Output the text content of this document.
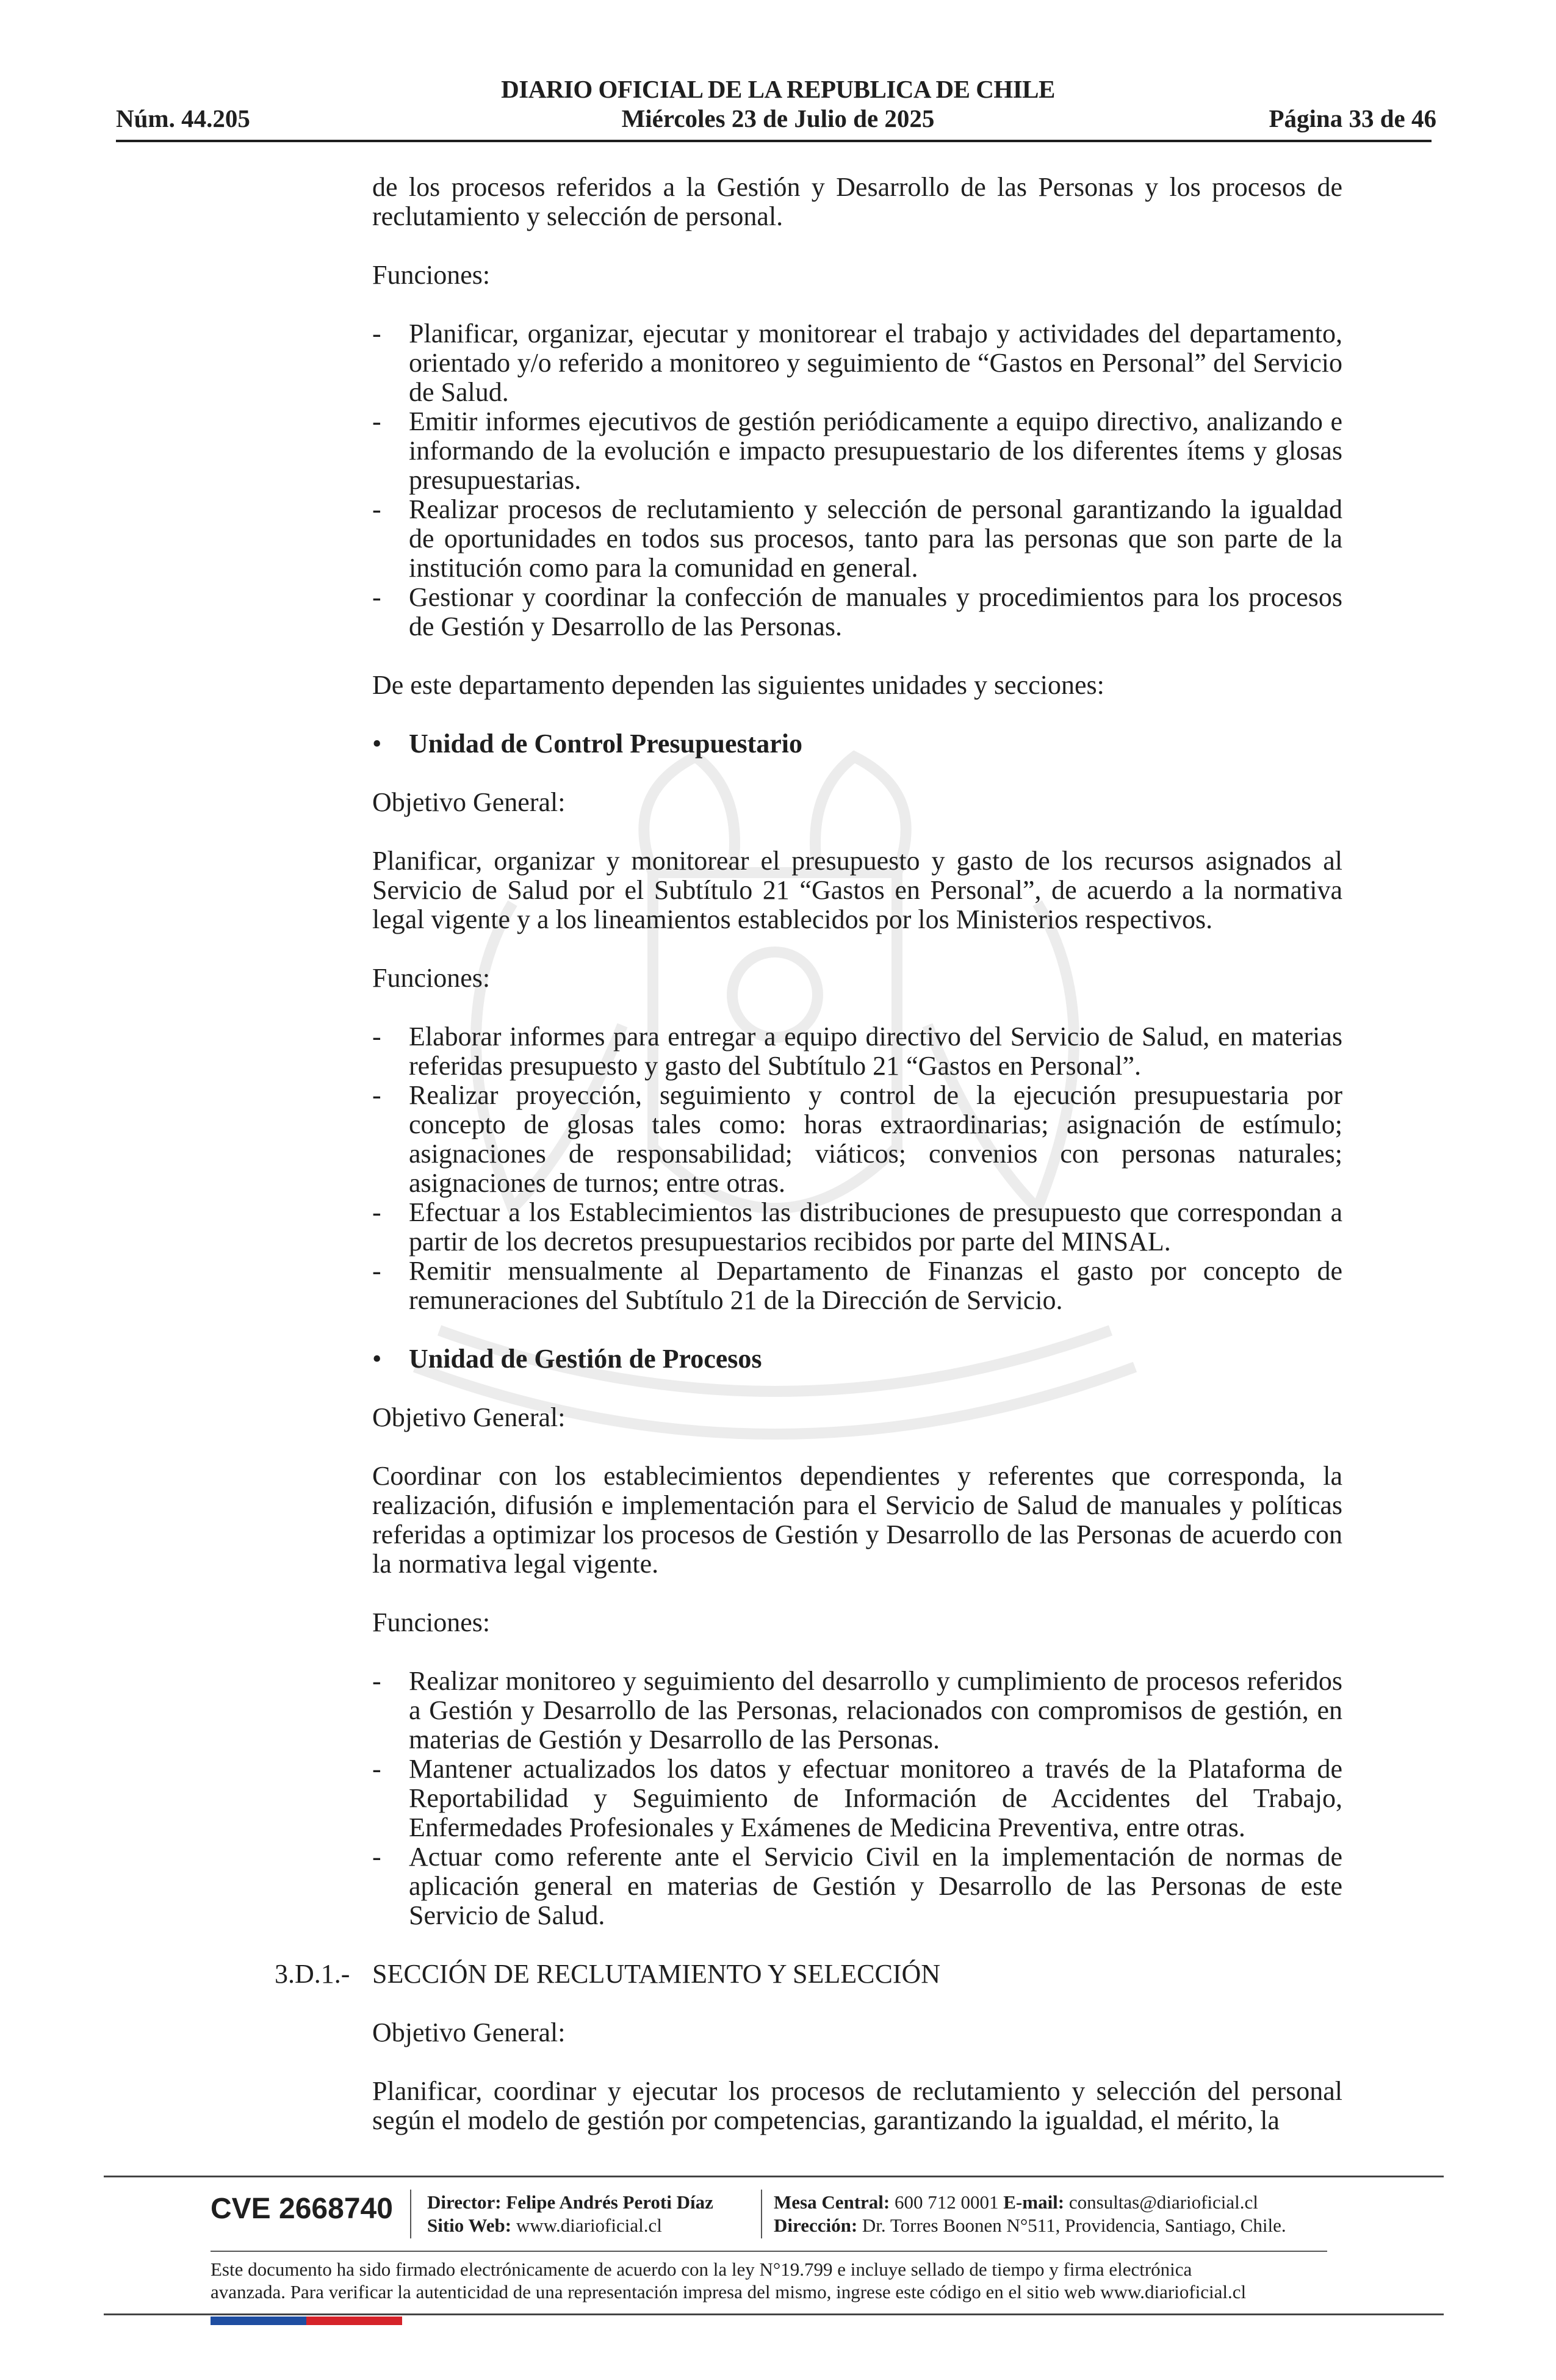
DIARIO OFICIAL DE LA REPUBLICA DE CHILE
Núm. 44.205	Miércoles 23 de Julio de 2025	Página 33 de 46

de los procesos referidos a la Gestión y Desarrollo de las Personas y los procesos de reclutamiento y selección de personal.

Funciones:

- Planificar, organizar, ejecutar y monitorear el trabajo y actividades del departamento, orientado y/o referido a monitoreo y seguimiento de “Gastos en Personal” del Servicio de Salud.
- Emitir informes ejecutivos de gestión periódicamente a equipo directivo, analizando e informando de la evolución e impacto presupuestario de los diferentes ítems y glosas presupuestarias.
- Realizar procesos de reclutamiento y selección de personal garantizando la igualdad de oportunidades en todos sus procesos, tanto para las personas que son parte de la institución como para la comunidad en general.
- Gestionar y coordinar la confección de manuales y procedimientos para los procesos de Gestión y Desarrollo de las Personas.

De este departamento dependen las siguientes unidades y secciones:

• Unidad de Control Presupuestario

Objetivo General:

Planificar, organizar y monitorear el presupuesto y gasto de los recursos asignados al Servicio de Salud por el Subtítulo 21 “Gastos en Personal”, de acuerdo a la normativa legal vigente y a los lineamientos establecidos por los Ministerios respectivos.

Funciones:

- Elaborar informes para entregar a equipo directivo del Servicio de Salud, en materias referidas presupuesto y gasto del Subtítulo 21 “Gastos en Personal”.
- Realizar proyección, seguimiento y control de la ejecución presupuestaria por concepto de glosas tales como: horas extraordinarias; asignación de estímulo; asignaciones de responsabilidad; viáticos; convenios con personas naturales; asignaciones de turnos; entre otras.
- Efectuar a los Establecimientos las distribuciones de presupuesto que correspondan a partir de los decretos presupuestarios recibidos por parte del MINSAL.
- Remitir mensualmente al Departamento de Finanzas el gasto por concepto de remuneraciones del Subtítulo 21 de la Dirección de Servicio.
• Unidad de Gestión de Procesos

Objetivo General:

Coordinar con los establecimientos dependientes y referentes que corresponda, la realización, difusión e implementación para el Servicio de Salud de manuales y políticas referidas a optimizar los procesos de Gestión y Desarrollo de las Personas de acuerdo con la normativa legal vigente.

Funciones:

- Realizar monitoreo y seguimiento del desarrollo y cumplimiento de procesos referidos a Gestión y Desarrollo de las Personas, relacionados con compromisos de gestión, en materias de Gestión y Desarrollo de las Personas.
- Mantener actualizados los datos y efectuar monitoreo a través de la Plataforma de Reportabilidad y Seguimiento de Información de Accidentes del Trabajo, Enfermedades Profesionales y Exámenes de Medicina Preventiva, entre otras.
- Actuar como referente ante el Servicio Civil en la implementación de normas de aplicación general en materias de Gestión y Desarrollo de las Personas de este Servicio de Salud.
3.D.1.- SECCIÓN DE RECLUTAMIENTO Y SELECCIÓN

Objetivo General:

Planificar, coordinar y ejecutar los procesos de reclutamiento y selección del personal según el modelo de gestión por competencias, garantizando la igualdad, el mérito, la

CVE 2668740 Director: Felipe Andrés Peroti Díaz
Sitio Web: www.diarioficial.cl
Mesa Central: 600 712 0001 E-mail: consultas@diarioficial.cl
Dirección: Dr. Torres Boonen N°511, Providencia, Santiago, Chile.
Este documento ha sido firmado electrónicamente de acuerdo con la ley N°19.799 e incluye sellado de tiempo y firma electrónica
avanzada. Para verificar la autenticidad de una representación impresa del mismo, ingrese este código en el sitio web www.diarioficial.cl
